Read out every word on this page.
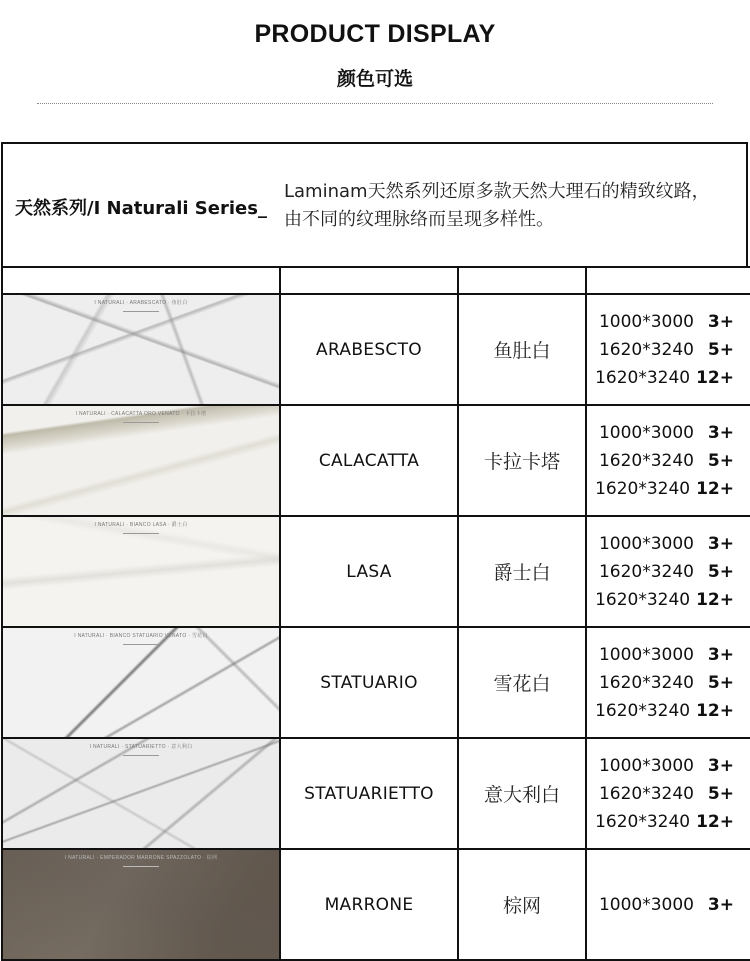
PRODUCT DISPLAY
颜色可选
天然系列/I Naturali Series_
Laminam天然系列还原多款天然大理石的精致纹路，由不同的纹理脉络而呈现多样性。

I NATURALI · ARABESCATO · 鱼肚白	ARABESCTO	鱼肚白	1000*3000 3+
1620*3240 5+
1620*3240 12+

I NATURALI · CALACATTA ORO VENATO · 卡拉卡塔	CALACATTA	卡拉卡塔	1000*3000 3+
1620*3240 5+
1620*3240 12+

I NATURALI · BIANCO LASA · 爵士白	LASA	爵士白	1000*3000 3+
1620*3240 5+
1620*3240 12+

I NATURALI · BIANCO STATUARIO VENATO · 雪花白	STATUARIO	雪花白	1000*3000 3+
1620*3240 5+
1620*3240 12+

I NATURALI · STATUARIETTO · 意大利白	STATUARIETTO	意大利白	1000*3000 3+
1620*3240 5+
1620*3240 12+

I NATURALI · EMPERADOR MARRONE SPAZZOLATO · 棕网	MARRONE	棕网	1000*3000 3+
